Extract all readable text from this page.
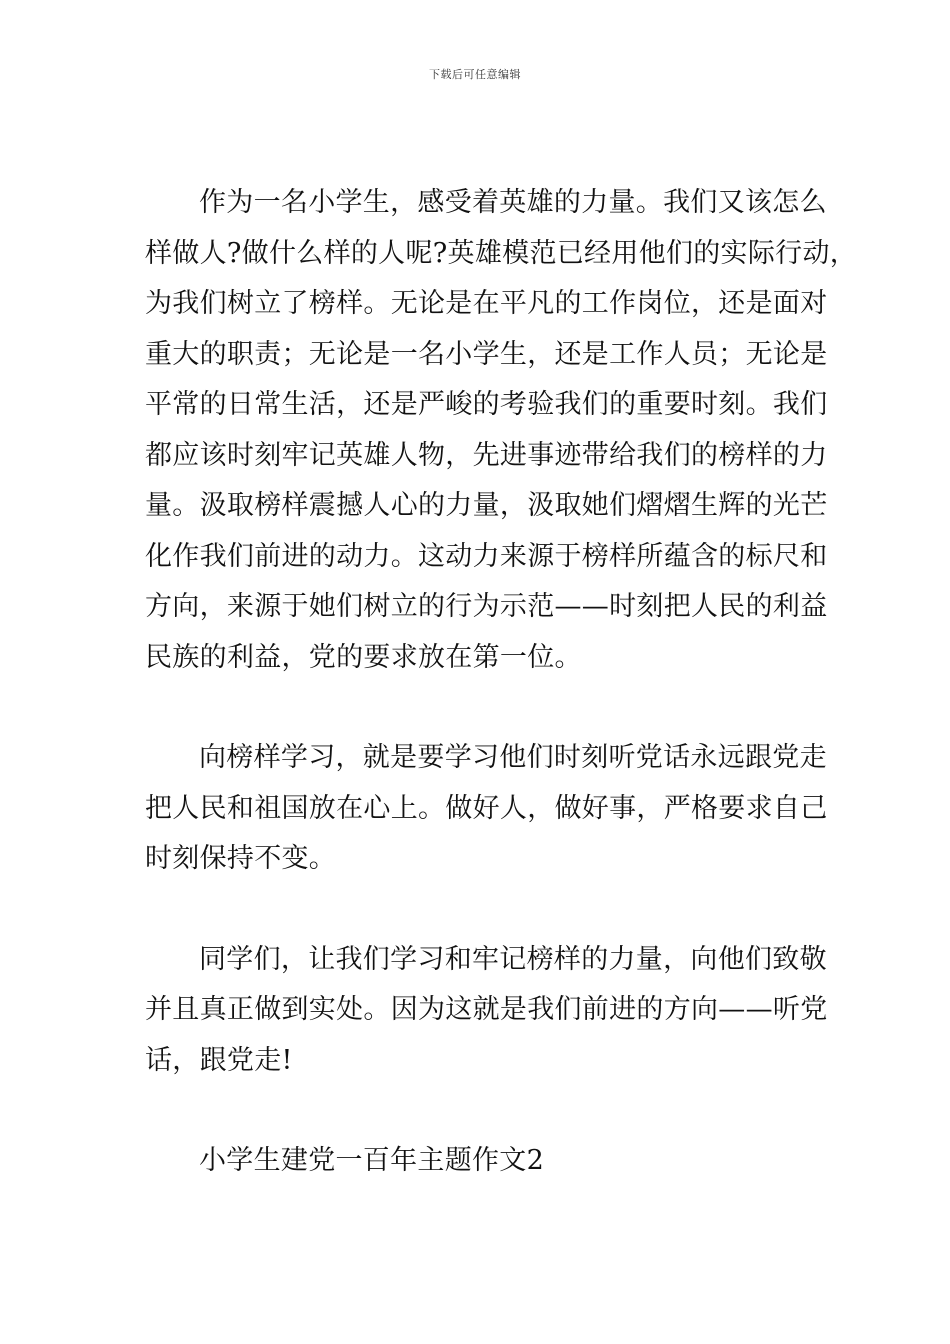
下载后可任意编辑
作为一名小学生，感受着英雄的力量。我们又该怎么
样做人?做什么样的人呢?英雄模范已经用他们的实际行动，
为我们树立了榜样。无论是在平凡的工作岗位，还是面对
重大的职责；无论是一名小学生，还是工作人员；无论是
平常的日常生活，还是严峻的考验我们的重要时刻。我们
都应该时刻牢记英雄人物，先进事迹带给我们的榜样的力
量。汲取榜样震撼人心的力量，汲取她们熠熠生辉的光芒
化作我们前进的动力。这动力来源于榜样所蕴含的标尺和
方向，来源于她们树立的行为示范——时刻把人民的利益
民族的利益，党的要求放在第一位。
向榜样学习，就是要学习他们时刻听党话永远跟党走
把人民和祖国放在心上。做好人，做好事，严格要求自己
时刻保持不变。
同学们，让我们学习和牢记榜样的力量，向他们致敬
并且真正做到实处。因为这就是我们前进的方向——听党
话，跟党走!
小学生建党一百年主题作文2
